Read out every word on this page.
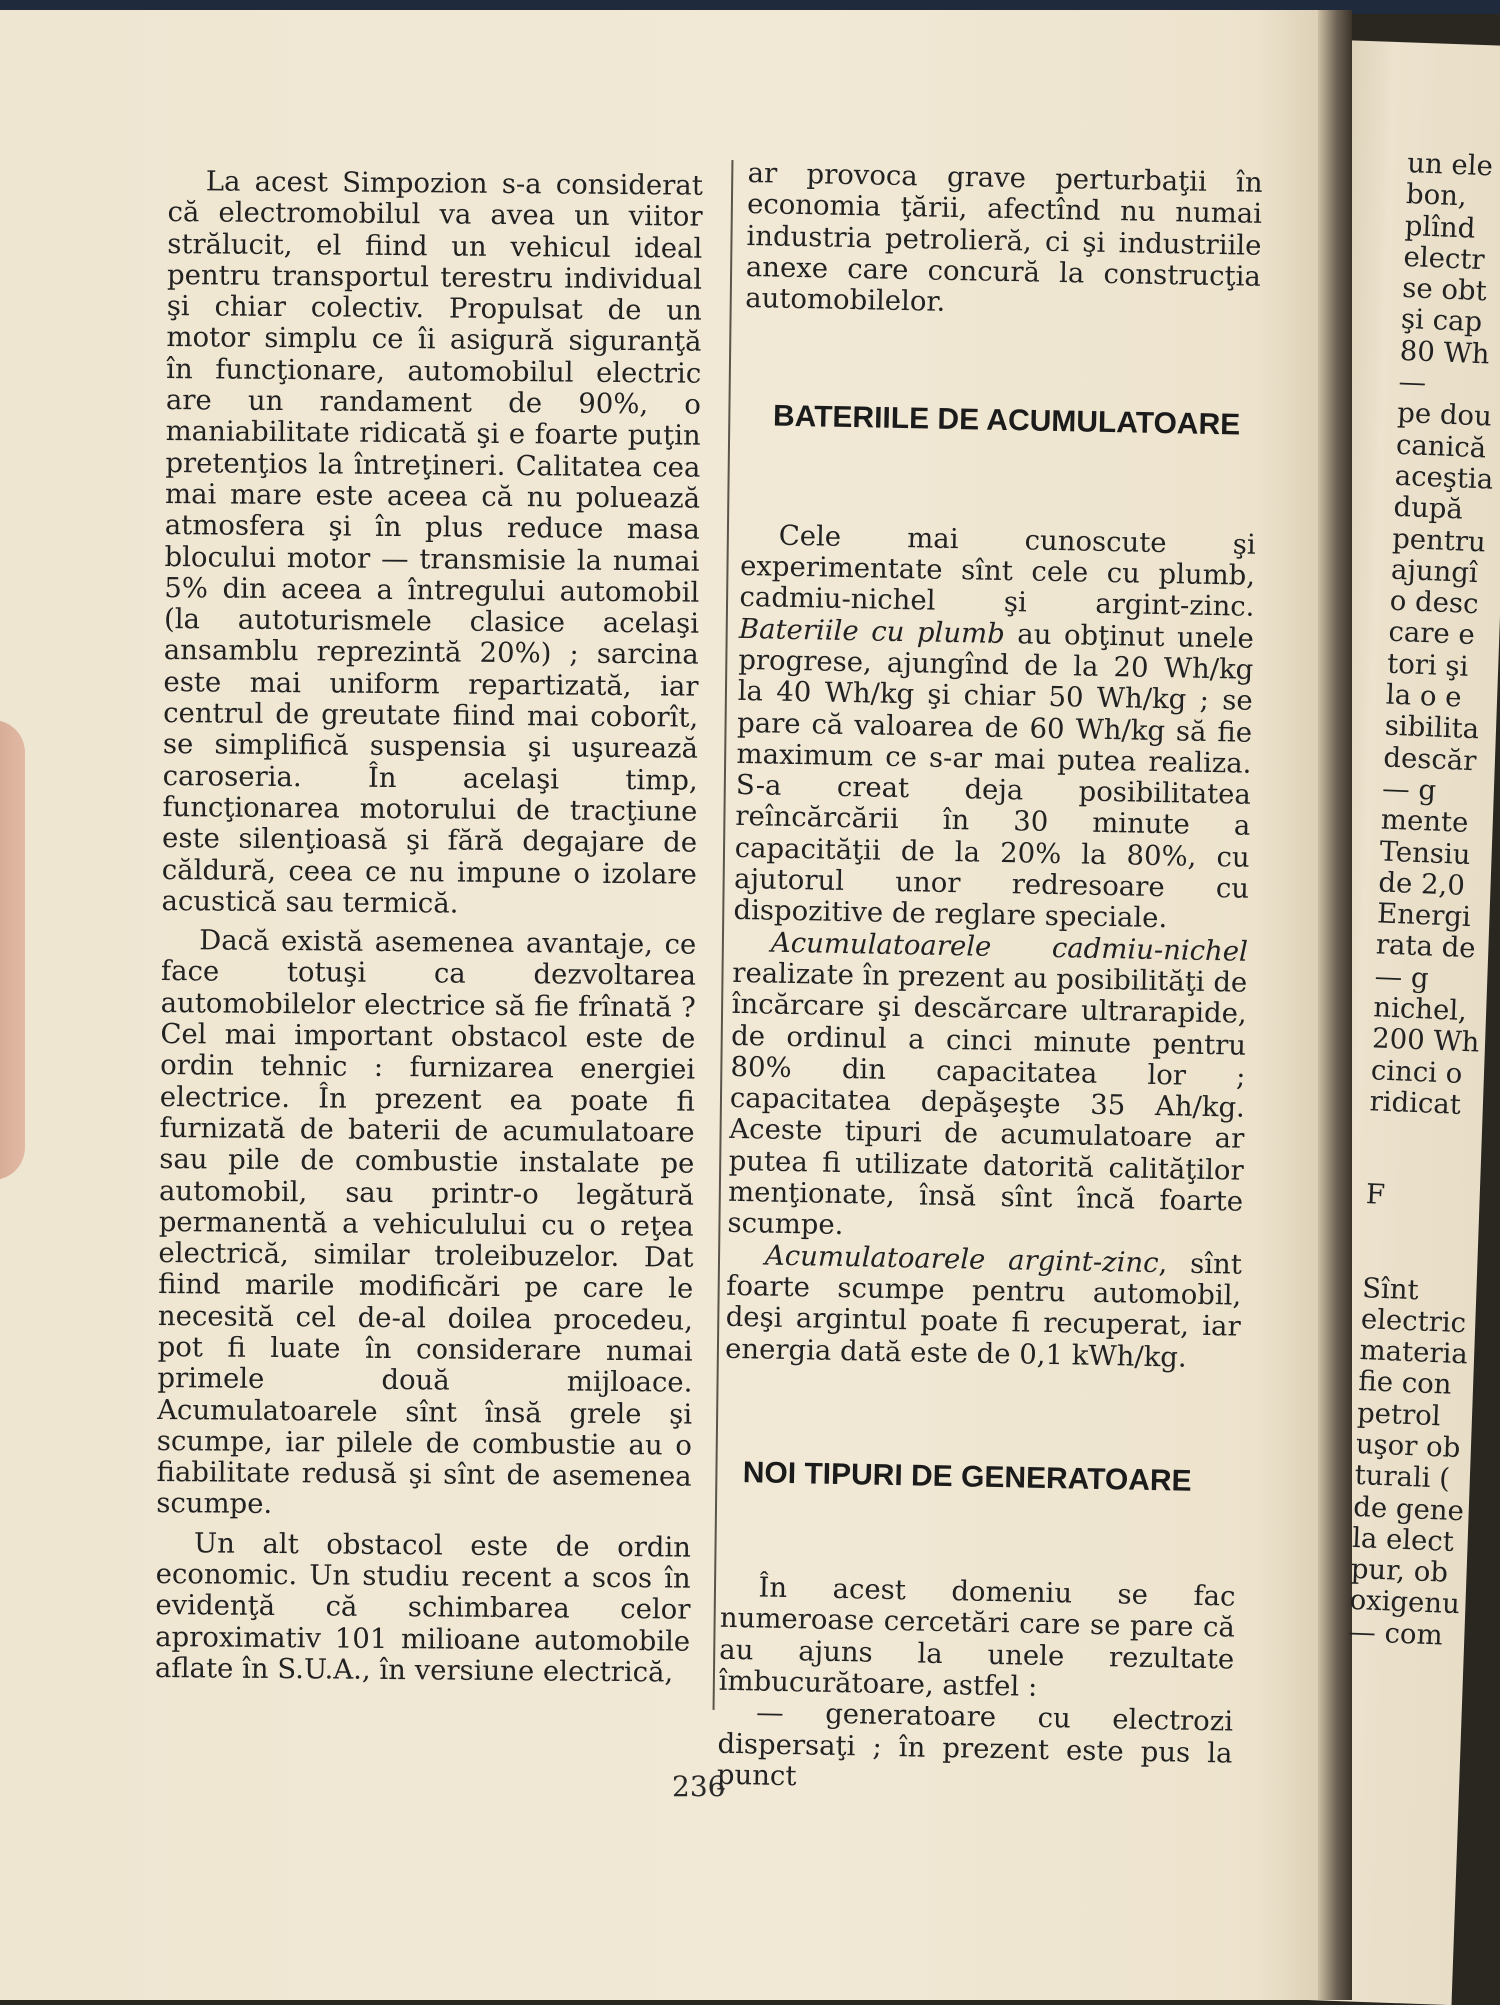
La acest Simpozion s-a considerat că electromobilul va avea un viitor strălucit, el fiind un vehicul ideal pentru transportul terestru individual şi chiar colectiv. Propulsat de un motor simplu ce îi asigură siguranţă în funcţionare, automobilul electric are un randament de 90%, o maniabilitate ridicată şi e foarte puţin pretenţios la întreţineri. Calitatea cea mai mare este aceea că nu poluează atmosfera şi în plus reduce masa blocului motor — transmisie la numai 5% din aceea a întregului automobil (la autoturismele clasice acelaşi ansamblu reprezintă 20%) ; sarcina este mai uniform repartizată, iar centrul de greutate fiind mai coborît, se simplifică suspensia şi uşurează caroseria. În acelaşi timp, funcţionarea motorului de tracţiune este silenţioasă şi fără degajare de căldură, ceea ce nu impune o izolare acustică sau termică.

Dacă există asemenea avantaje, ce face totuşi ca dezvoltarea automobilelor electrice să fie frînată ? Cel mai important obstacol este de ordin tehnic : furnizarea energiei electrice. În prezent ea poate fi furnizată de baterii de acumulatoare sau pile de combustie instalate pe automobil, sau printr-o legătură permanentă a vehiculului cu o reţea electrică, similar troleibuzelor. Dat fiind marile modificări pe care le necesită cel de-al doilea procedeu, pot fi luate în considerare numai primele două mijloace. Acumulatoarele sînt însă grele şi scumpe, iar pilele de combustie au o fiabilitate redusă şi sînt de asemenea scumpe.

Un alt obstacol este de ordin economic. Un studiu recent a scos în evidenţă că schimbarea celor aproximativ 101 milioane automobile aflate în S.U.A., în versiune electrică,

ar provoca grave perturbaţii în economia ţării, afectînd nu numai industria petrolieră, ci şi industriile anexe care concură la construcţia automobilelor.

BATERIILE DE ACUMULATOARE

Cele mai cunoscute şi experimentate sînt cele cu plumb, cadmiu-nichel şi argint-zinc. Bateriile cu plumb au obţinut unele progrese, ajungînd de la 20 Wh/kg la 40 Wh/kg şi chiar 50 Wh/kg ; se pare că valoarea de 60 Wh/kg să fie maximum ce s-ar mai putea realiza. S-a creat deja posibilitatea reîncărcării în 30 minute a capacităţii de la 20% la 80%, cu ajutorul unor redresoare cu dispozitive de reglare speciale.

Acumulatoarele cadmiu-nichel realizate în prezent au posibilităţi de încărcare şi descărcare ultrarapide, de ordinul a cinci minute pentru 80% din capacitatea lor ; capacitatea depăşeşte 35 Ah/kg. Aceste tipuri de acumulatoare ar putea fi utilizate datorită calităţilor menţionate, însă sînt încă foarte scumpe.

Acumulatoarele argint-zinc, sînt foarte scumpe pentru automobil, deşi argintul poate fi recuperat, iar energia dată este de 0,1 kWh/kg.

NOI TIPURI DE GENERATOARE

În acest domeniu se fac numeroase cercetări care se pare că au ajuns la unele rezultate îmbucurătoare, astfel :

— generatoare cu electrozi dispersaţi ; în prezent este pus la punct

236
un ele
bon,
plînd
electr
se obt
şi cap
80 Wh
—
pe dou
canică
aceştia
după
pentru
ajungî
o desc
care e
tori şi
la o e
sibilita
descăr
— g
mente
Tensiu
de 2,0
Energi
rata de
— g
nichel,
200 Wh
cinci o
ridicat
F
Sînt
electric
materia
fie con
petrol
uşor ob
turali (
de gene
la elect
pur, ob
oxigenu
— com
